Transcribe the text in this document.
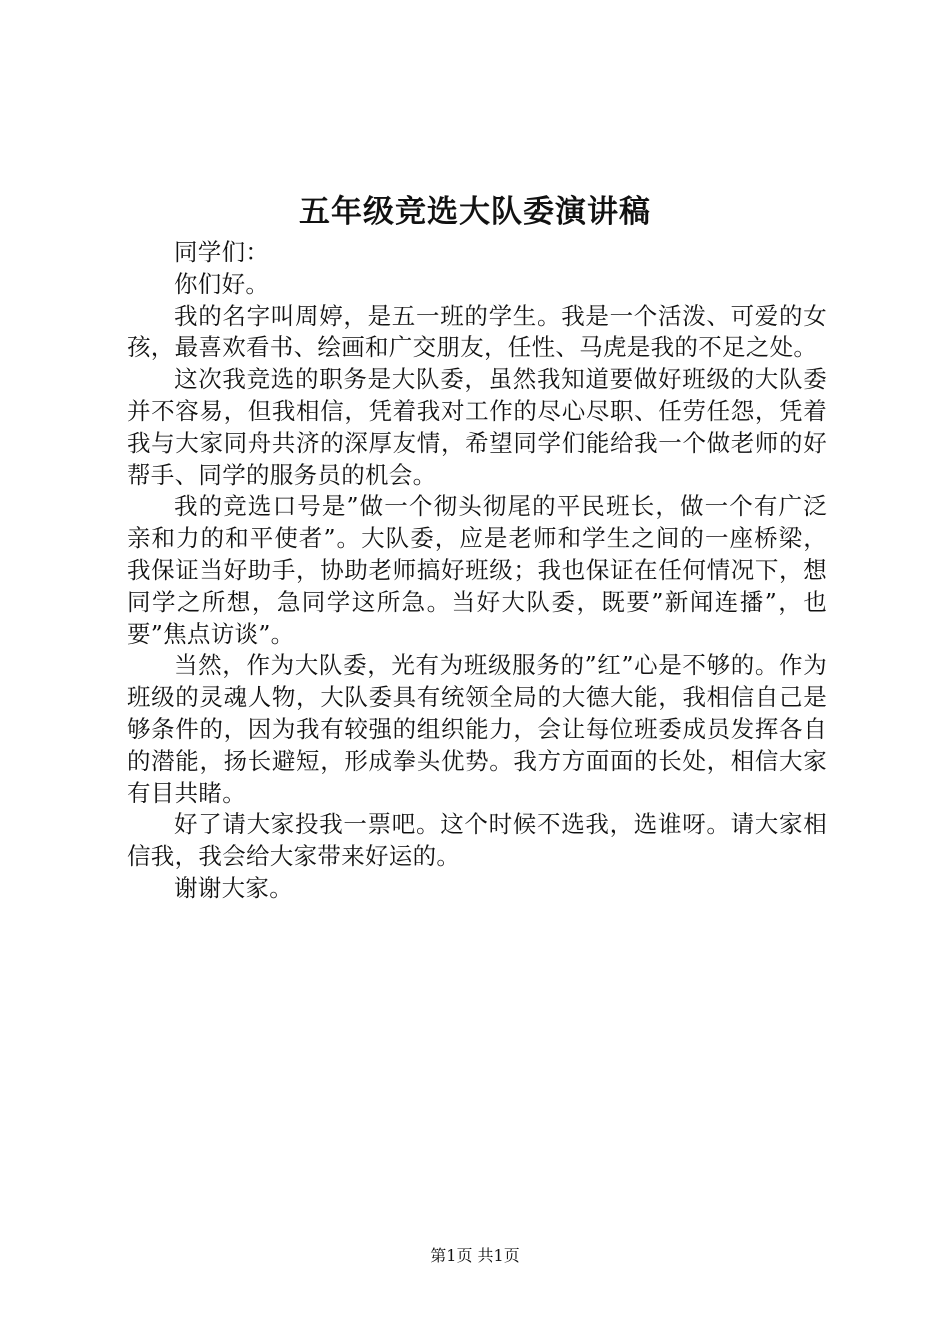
五年级竞选大队委演讲稿

同学们：

你们好。

我的名字叫周婷，是五一班的学生。我是一个活泼、可爱的女孩，最喜欢看书、绘画和广交朋友，任性、马虎是我的不足之处。

这次我竞选的职务是大队委，虽然我知道要做好班级的大队委并不容易，但我相信，凭着我对工作的尽心尽职、任劳任怨，凭着我与大家同舟共济的深厚友情，希望同学们能给我一个做老师的好帮手、同学的服务员的机会。

我的竞选口号是”做一个彻头彻尾的平民班长，做一个有广泛亲和力的和平使者”。大队委，应是老师和学生之间的一座桥梁，我保证当好助手，协助老师搞好班级；我也保证在任何情况下，想同学之所想，急同学这所急。当好大队委，既要”新闻连播”，也要”焦点访谈”。

当然，作为大队委，光有为班级服务的”红”心是不够的。作为班级的灵魂人物，大队委具有统领全局的大德大能，我相信自己是够条件的，因为我有较强的组织能力，会让每位班委成员发挥各自的潜能，扬长避短，形成拳头优势。我方方面面的长处，相信大家有目共睹。

好了请大家投我一票吧。这个时候不选我，选谁呀。请大家相信我，我会给大家带来好运的。

谢谢大家。

第1页 共1页
